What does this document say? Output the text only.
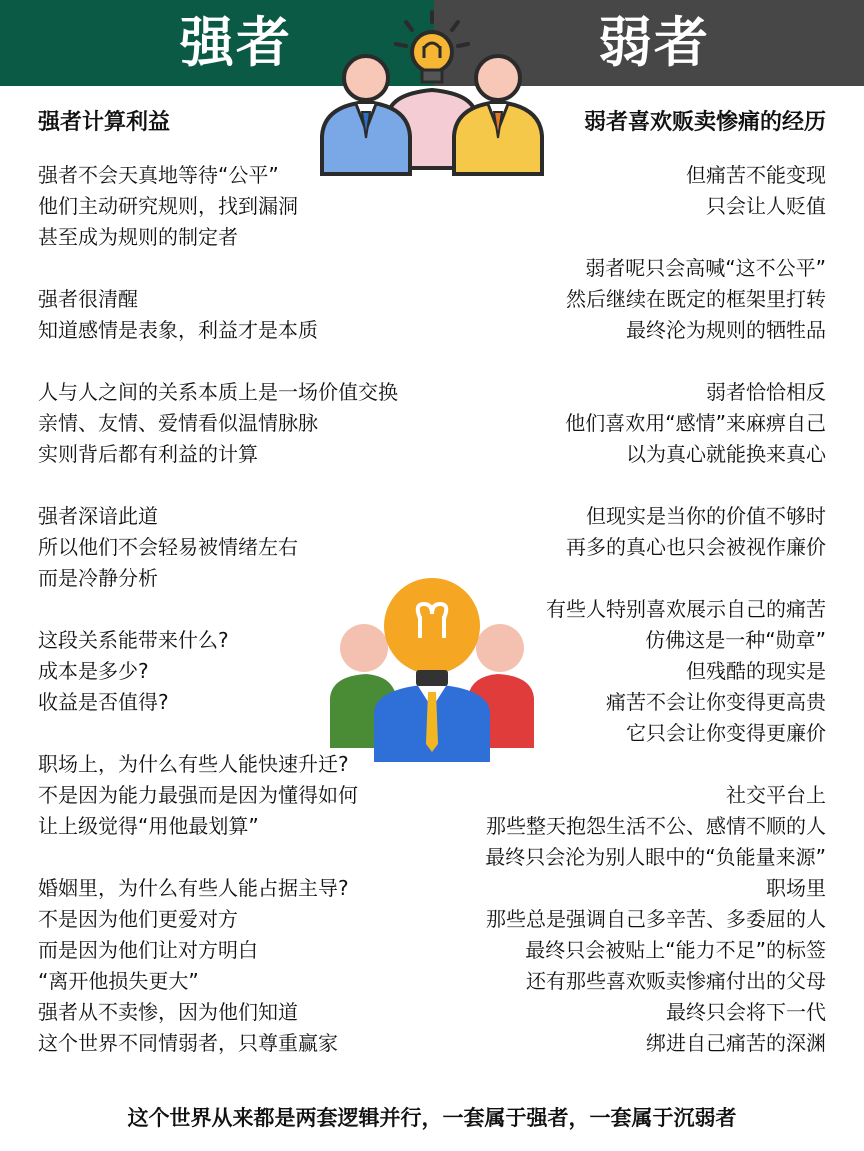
强者	弱者
强者计算利益	弱者喜欢贩卖惨痛的经历
强者不会天真地等待“公平”
他们主动研究规则，找到漏洞
甚至成为规则的制定者
强者很清醒
知道感情是表象，利益才是本质
人与人之间的关系本质上是一场价值交换
亲情、友情、爱情看似温情脉脉
实则背后都有利益的计算
强者深谙此道
所以他们不会轻易被情绪左右
而是冷静分析
这段关系能带来什么?
成本是多少?
收益是否值得?
职场上，为什么有些人能快速升迁?
不是因为能力最强而是因为懂得如何
让上级觉得“用他最划算”
婚姻里，为什么有些人能占据主导?
不是因为他们更爱对方
而是因为他们让对方明白
“离开他损失更大”
强者从不卖惨，因为他们知道
这个世界不同情弱者，只尊重赢家
但痛苦不能变现
只会让人贬值
弱者呢只会高喊“这不公平”
然后继续在既定的框架里打转
最终沦为规则的牺牲品
弱者恰恰相反
他们喜欢用“感情”来麻痹自己
以为真心就能换来真心
但现实是当你的价值不够时
再多的真心也只会被视作廉价
有些人特别喜欢展示自己的痛苦
仿佛这是一种“勋章”
但残酷的现实是
痛苦不会让你变得更高贵
它只会让你变得更廉价
社交平台上
那些整天抱怨生活不公、感情不顺的人
最终只会沦为别人眼中的“负能量来源”
职场里
那些总是强调自己多辛苦、多委屈的人
最终只会被贴上“能力不足”的标签
还有那些喜欢贩卖惨痛付出的父母
最终只会将下一代
绑进自己痛苦的深渊
这个世界从来都是两套逻辑并行，一套属于强者，一套属于沉弱者
